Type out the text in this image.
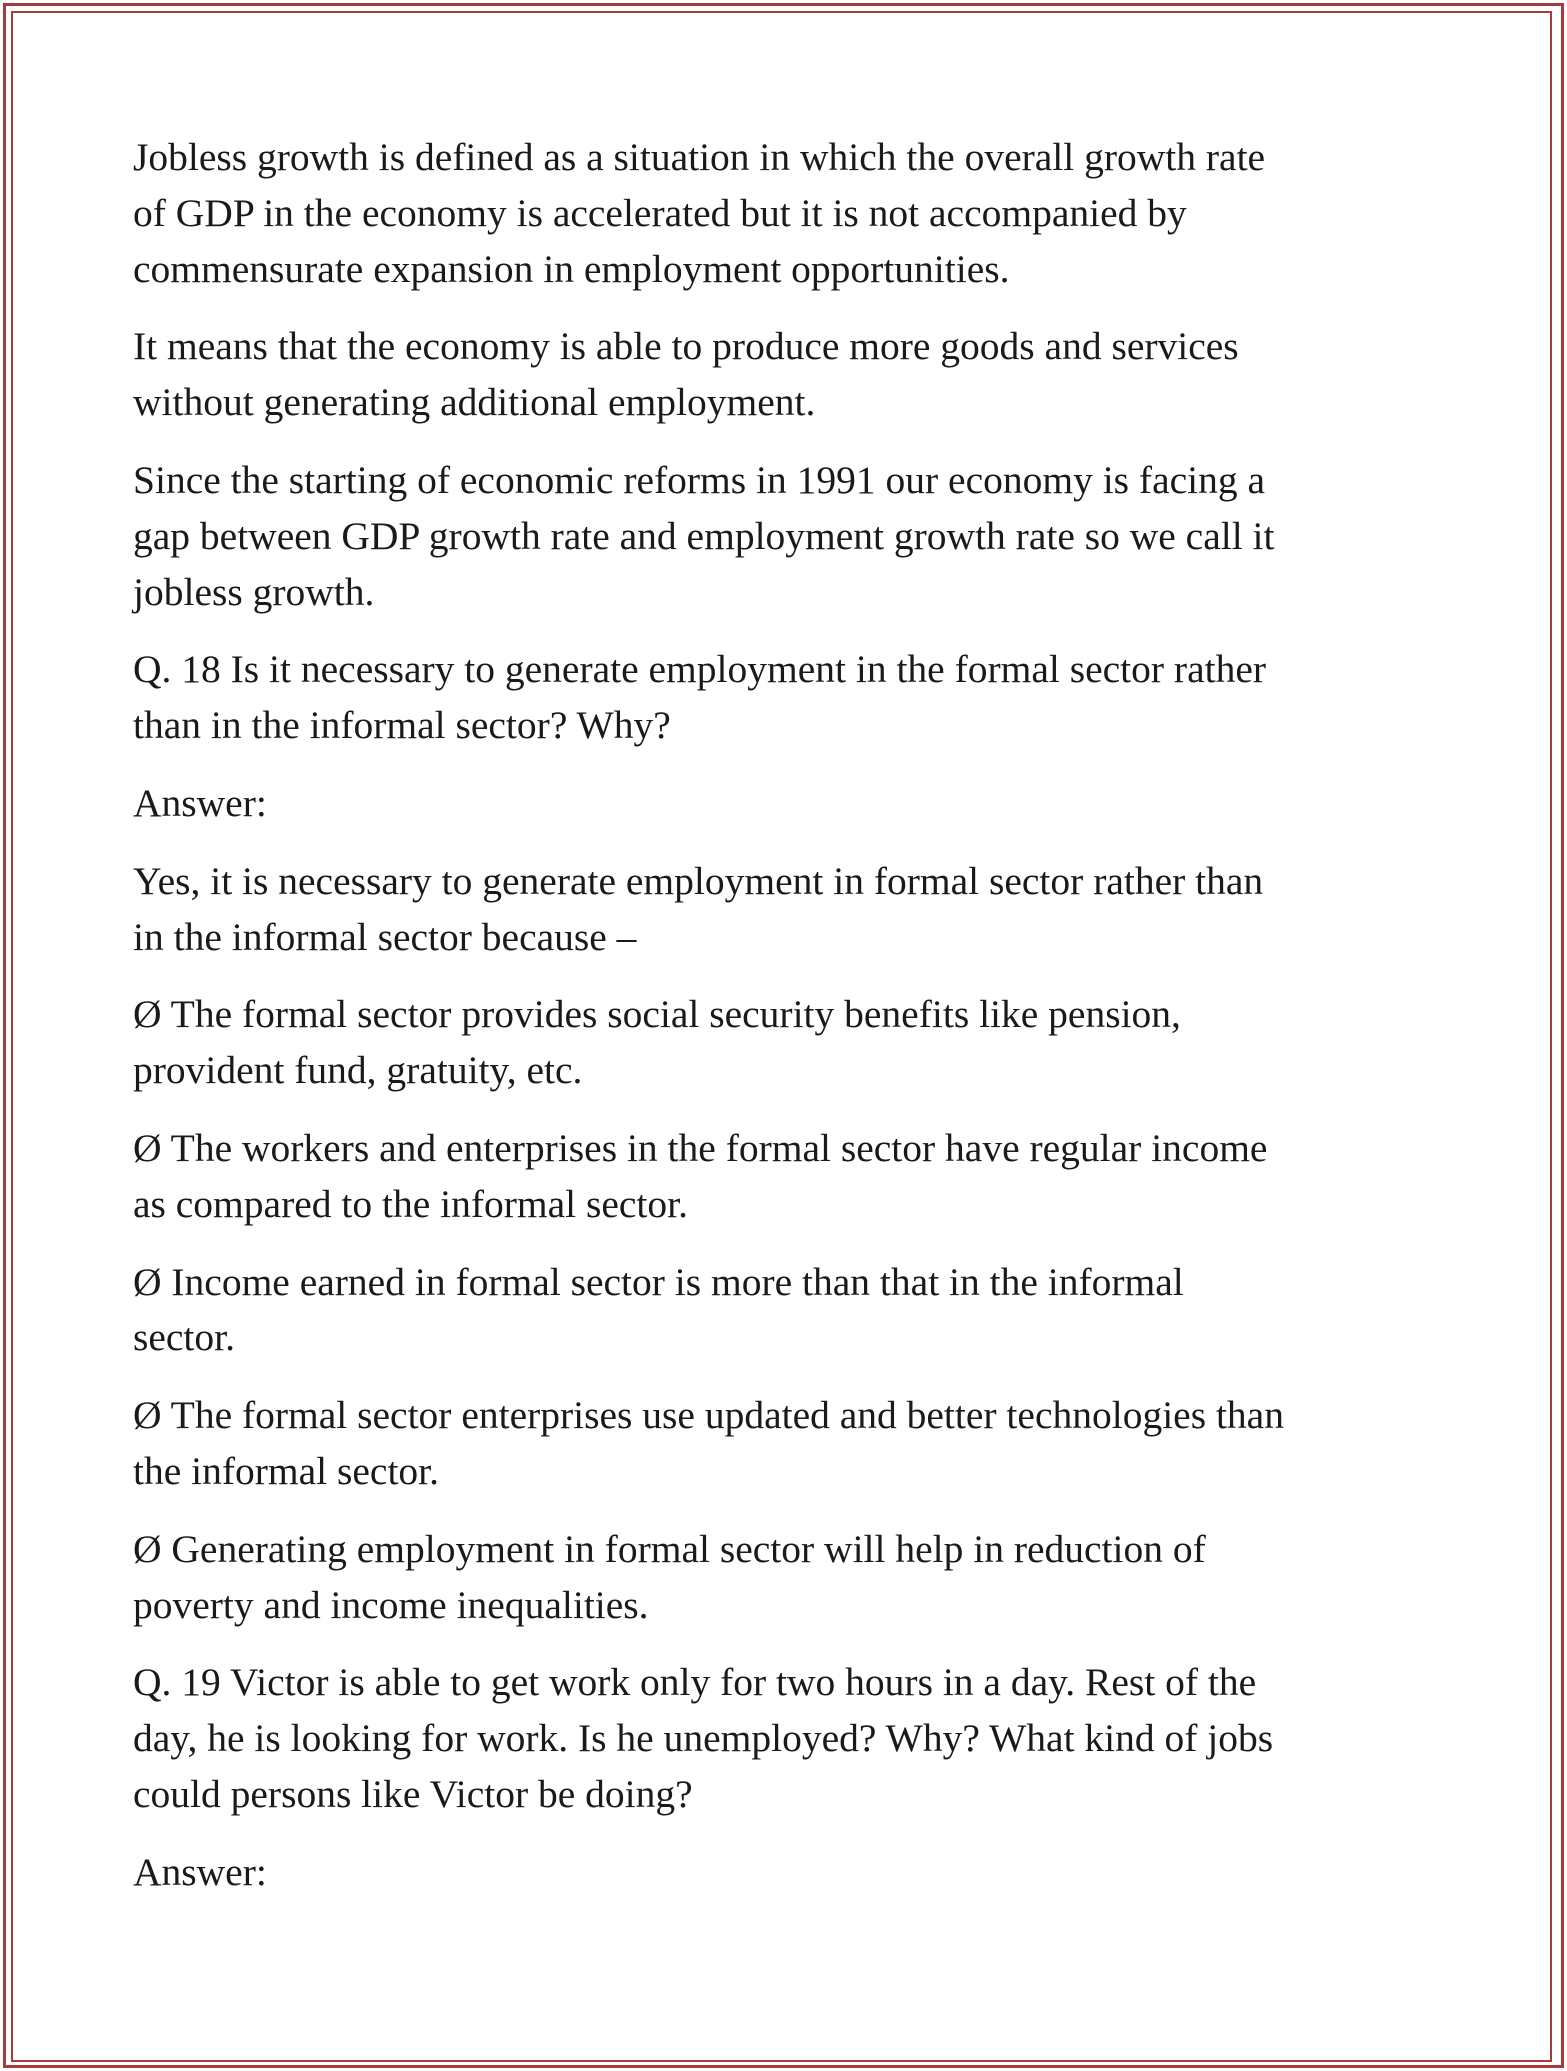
Jobless growth is defined as a situation in which the overall growth rate
of GDP in the economy is accelerated but it is not accompanied by
commensurate expansion in employment opportunities.

It means that the economy is able to produce more goods and services
without generating additional employment.

Since the starting of economic reforms in 1991 our economy is facing a
gap between GDP growth rate and employment growth rate so we call it
jobless growth.

Q. 18 Is it necessary to generate employment in the formal sector rather
than in the informal sector? Why?

Answer:

Yes, it is necessary to generate employment in formal sector rather than
in the informal sector because –

Ø The formal sector provides social security benefits like pension,
provident fund, gratuity, etc.

Ø The workers and enterprises in the formal sector have regular income
as compared to the informal sector.

Ø Income earned in formal sector is more than that in the informal
sector.

Ø The formal sector enterprises use updated and better technologies than
the informal sector.

Ø Generating employment in formal sector will help in reduction of
poverty and income inequalities.

Q. 19 Victor is able to get work only for two hours in a day. Rest of the
day, he is looking for work. Is he unemployed? Why? What kind of jobs
could persons like Victor be doing?

Answer:
